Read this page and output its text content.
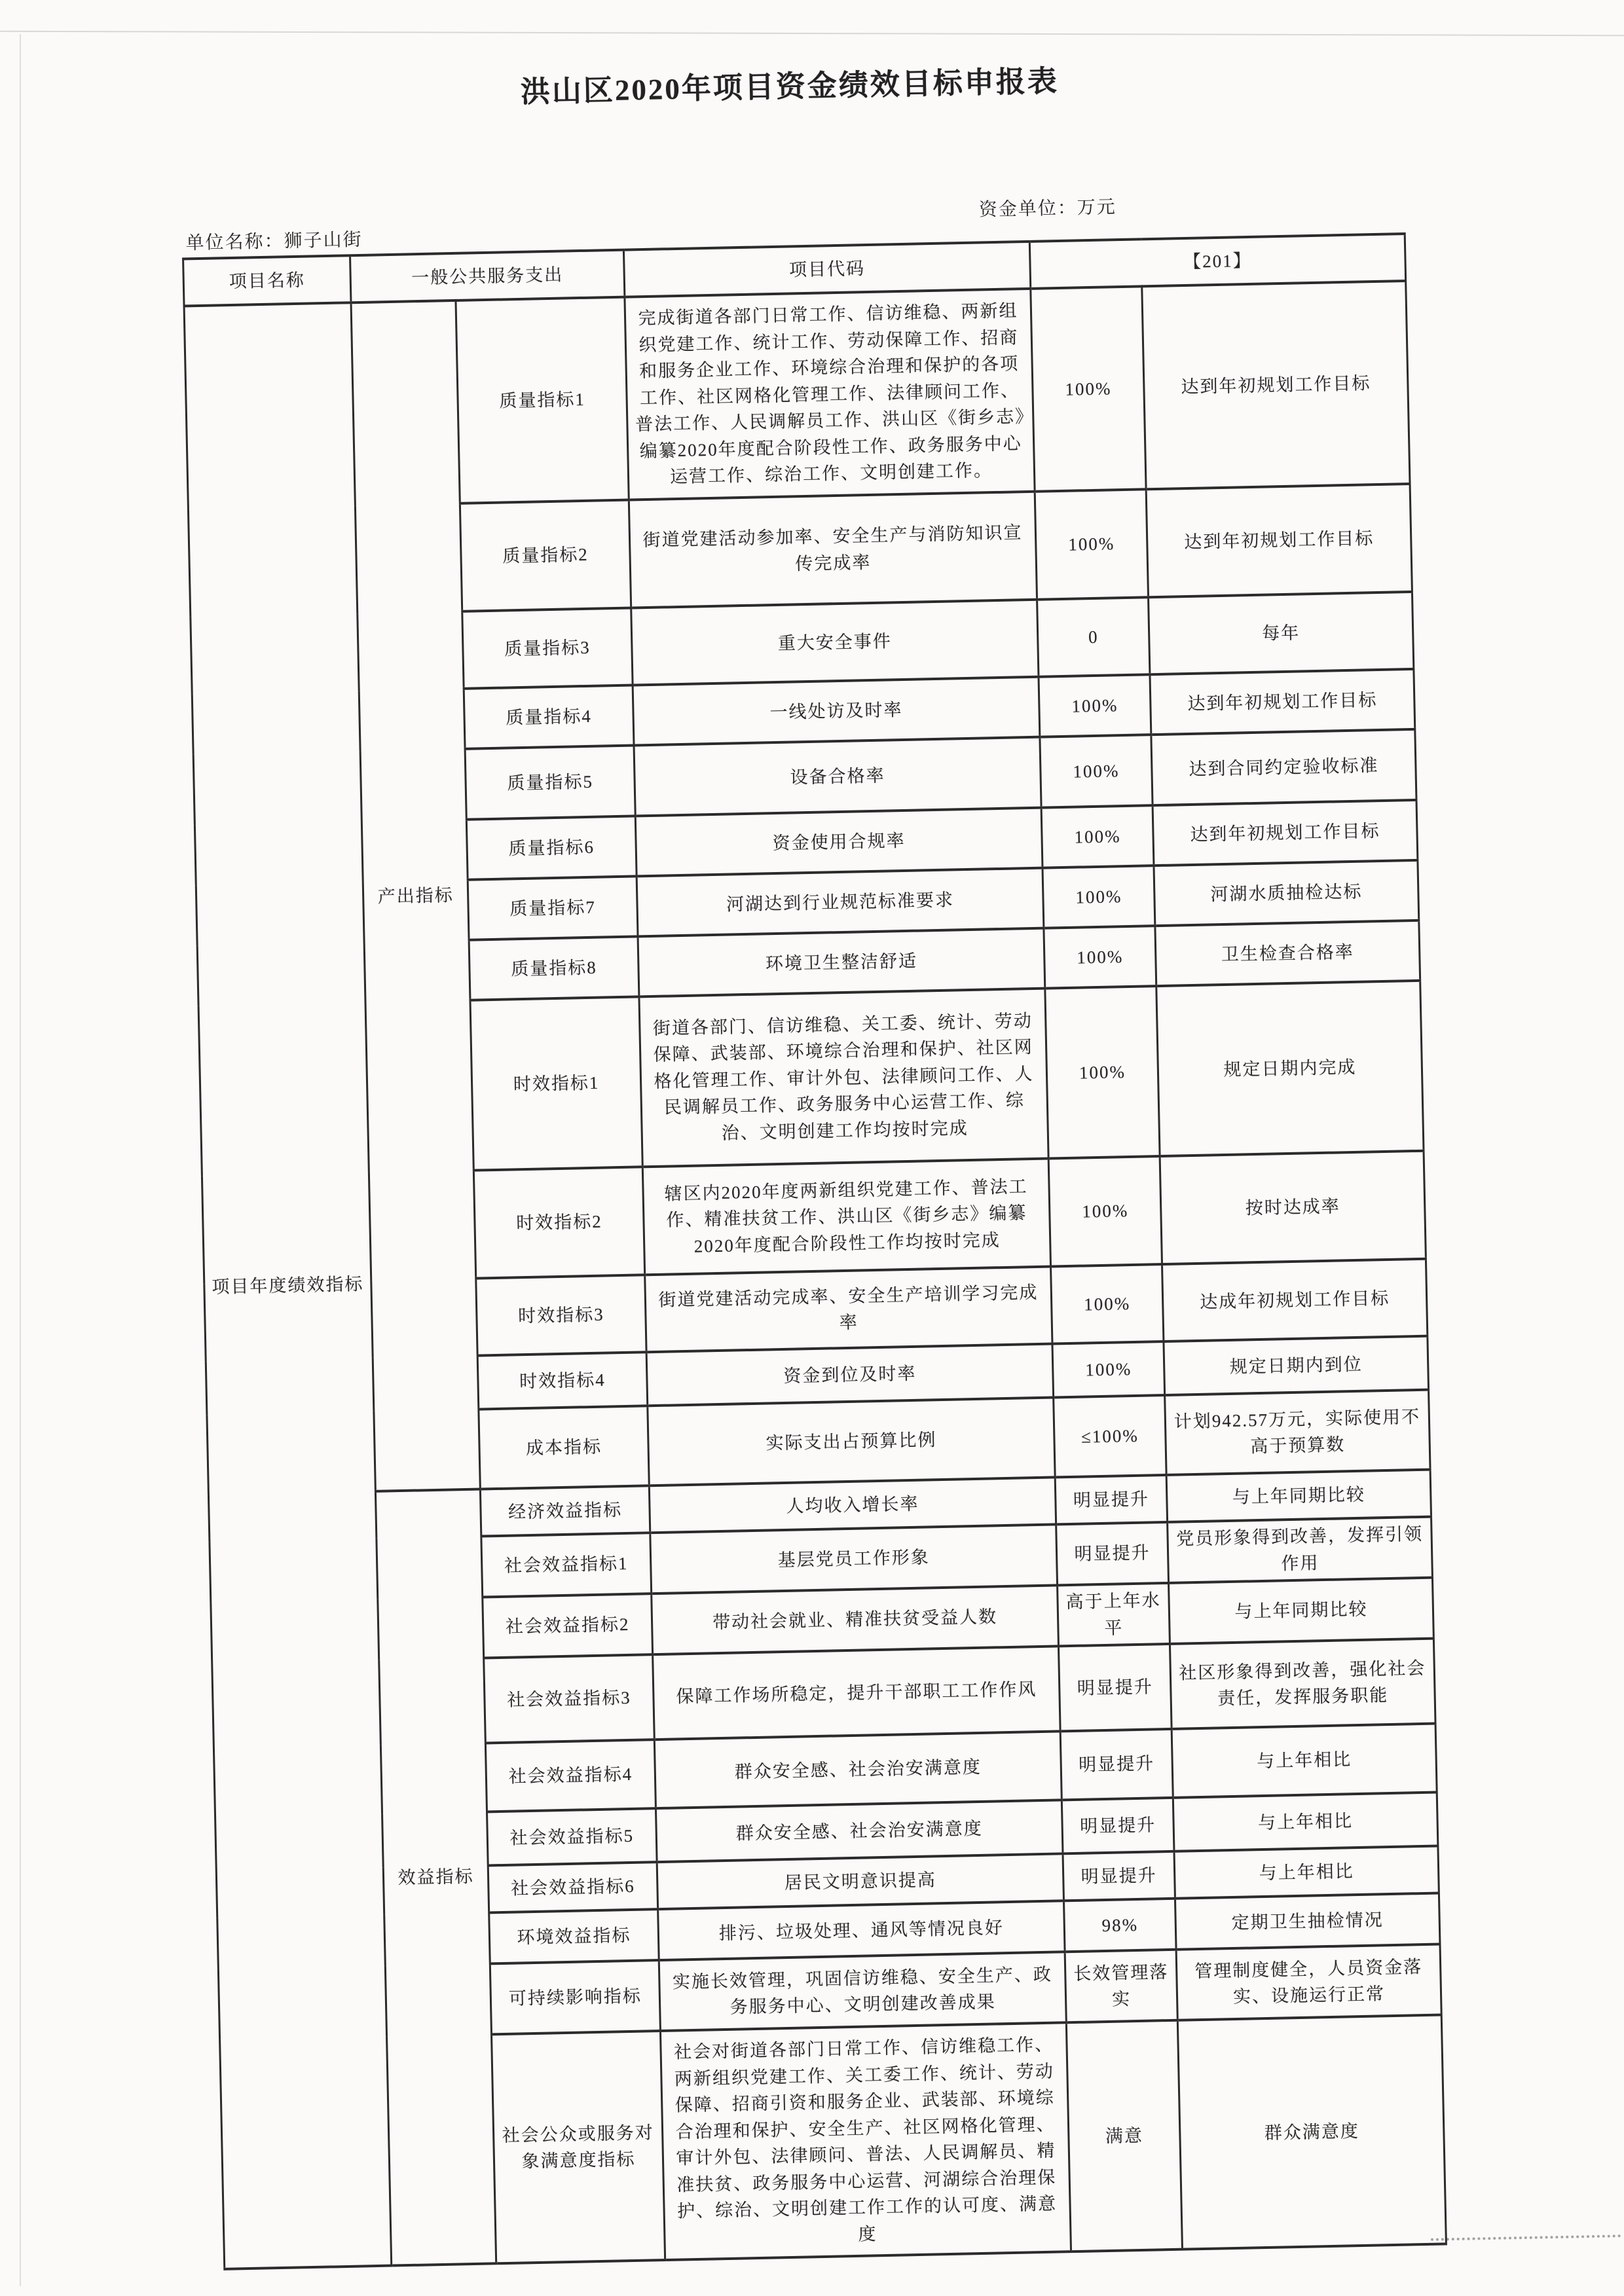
洪山区2020年项目资金绩效目标申报表
单位名称：狮子山街
资金单位：万元
项目名称	一般公共服务支出		项目代码	【201】	
项目年度绩效指标	产出指标	质量指标1	完成街道各部门日常工作、信访维稳、两新组织党建工作、统计工作、劳动保障工作、招商和服务企业工作、环境综合治理和保护的各项工作、社区网格化管理工作、法律顾问工作、普法工作、人民调解员工作、洪山区《街乡志》编纂2020年度配合阶段性工作、政务服务中心运营工作、综治工作、文明创建工作。	100%	达到年初规划工作目标
		质量指标2	街道党建活动参加率、安全生产与消防知识宣传完成率	100%	达到年初规划工作目标
		质量指标3	重大安全事件	0	每年
		质量指标4	一线处访及时率	100%	达到年初规划工作目标
		质量指标5	设备合格率	100%	达到合同约定验收标准
		质量指标6	资金使用合规率	100%	达到年初规划工作目标
		质量指标7	河湖达到行业规范标准要求	100%	河湖水质抽检达标
		质量指标8	环境卫生整洁舒适	100%	卫生检查合格率
		时效指标1	街道各部门、信访维稳、关工委、统计、劳动保障、武装部、环境综合治理和保护、社区网格化管理工作、审计外包、法律顾问工作、人民调解员工作、政务服务中心运营工作、综治、文明创建工作均按时完成	100%	规定日期内完成
		时效指标2	辖区内2020年度两新组织党建工作、普法工作、精准扶贫工作、洪山区《街乡志》编纂2020年度配合阶段性工作均按时完成	100%	按时达成率
		时效指标3	街道党建活动完成率、安全生产培训学习完成率	100%	达成年初规划工作目标
		时效指标4	资金到位及时率	100%	规定日期内到位
		成本指标	实际支出占预算比例	≤100%	计划942.57万元，实际使用不高于预算数
	效益指标	经济效益指标	人均收入增长率	明显提升	与上年同期比较
		社会效益指标1	基层党员工作形象	明显提升	党员形象得到改善，发挥引领作用
		社会效益指标2	带动社会就业、精准扶贫受益人数	高于上年水平	与上年同期比较
		社会效益指标3	保障工作场所稳定，提升干部职工工作作风	明显提升	社区形象得到改善，强化社会责任，发挥服务职能
		社会效益指标4	群众安全感、社会治安满意度	明显提升	与上年相比
		社会效益指标5	群众安全感、社会治安满意度	明显提升	与上年相比
		社会效益指标6	居民文明意识提高	明显提升	与上年相比
		环境效益指标	排污、垃圾处理、通风等情况良好	98%	定期卫生抽检情况
		可持续影响指标	实施长效管理，巩固信访维稳、安全生产、政务服务中心、文明创建改善成果	长效管理落实	管理制度健全，人员资金落实、设施运行正常
		社会公众或服务对象满意度指标	社会对街道各部门日常工作、信访维稳工作、两新组织党建工作、关工委工作、统计、劳动保障、招商引资和服务企业、武装部、环境综合治理和保护、安全生产、社区网格化管理、审计外包、法律顾问、普法、人民调解员、精准扶贫、政务服务中心运营、河湖综合治理保护、综治、文明创建工作工作的认可度、满意度	满意	群众满意度
